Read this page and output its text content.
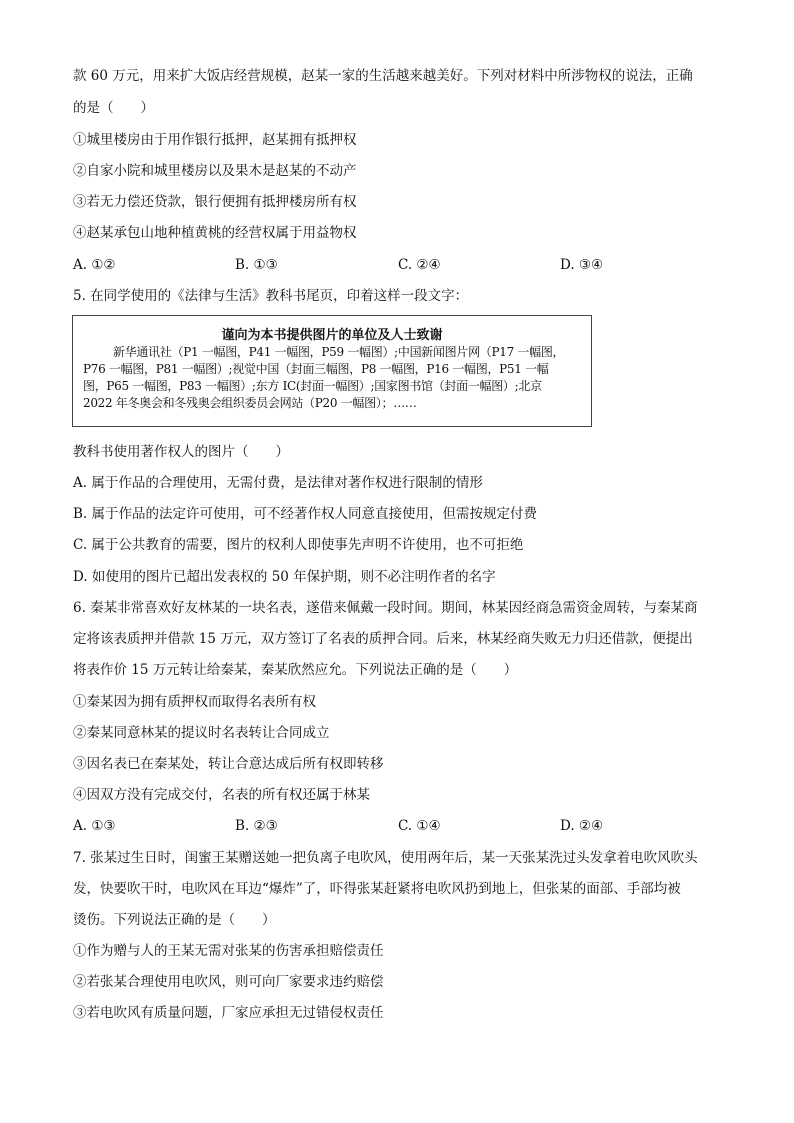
款 60 万元，用来扩大饭店经营规模，赵某一家的生活越来越美好。下列对材料中所涉物权的说法，正确
的是（　　）
①城里楼房由于用作银行抵押，赵某拥有抵押权
②自家小院和城里楼房以及果木是赵某的不动产
③若无力偿还贷款，银行便拥有抵押楼房所有权
④赵某承包山地种植黄桃的经营权属于用益物权
A. ①②	B. ①③	C. ②④	D. ③④
5. 在同学使用的《法律与生活》教科书尾页，印着这样一段文字：
谨向为本书提供图片的单位及人士致谢
新华通讯社（P1 一幅图，P41 一幅图，P59 一幅图）;中国新闻图片网（P17 一幅图，
P76 一幅图，P81 一幅图）;视觉中国（封面三幅图，P8 一幅图，P16 一幅图，P51 一幅
图，P65 一幅图，P83 一幅图）;东方 IC(封面一幅图）;国家图书馆（封面一幅图）;北京
2022 年冬奥会和冬残奥会组织委员会网站（P20 一幅图）；……
教科书使用著作权人的图片（　　）
A. 属于作品的合理使用，无需付费，是法律对著作权进行限制的情形
B. 属于作品的法定许可使用，可不经著作权人同意直接使用，但需按规定付费
C. 属于公共教育的需要，图片的权利人即使事先声明不许使用，也不可拒绝
D. 如使用的图片已超出发表权的 50 年保护期，则不必注明作者的名字
6. 秦某非常喜欢好友林某的一块名表，遂借来佩戴一段时间。期间，林某因经商急需资金周转，与秦某商
定将该表质押并借款 15 万元，双方签订了名表的质押合同。后来，林某经商失败无力归还借款，便提出
将表作价 15 万元转让给秦某，秦某欣然应允。下列说法正确的是（　　）
①秦某因为拥有质押权而取得名表所有权
②秦某同意林某的提议时名表转让合同成立
③因名表已在秦某处，转让合意达成后所有权即转移
④因双方没有完成交付，名表的所有权还属于林某
A. ①③	B. ②③	C. ①④	D. ②④
7. 张某过生日时，闺蜜王某赠送她一把负离子电吹风，使用两年后，某一天张某洗过头发拿着电吹风吹头
发，快要吹干时，电吹风在耳边“爆炸”了，吓得张某赶紧将电吹风扔到地上，但张某的面部、手部均被
烫伤。下列说法正确的是（　　）
①作为赠与人的王某无需对张某的伤害承担赔偿责任
②若张某合理使用电吹风，则可向厂家要求违约赔偿
③若电吹风有质量问题，厂家应承担无过错侵权责任
